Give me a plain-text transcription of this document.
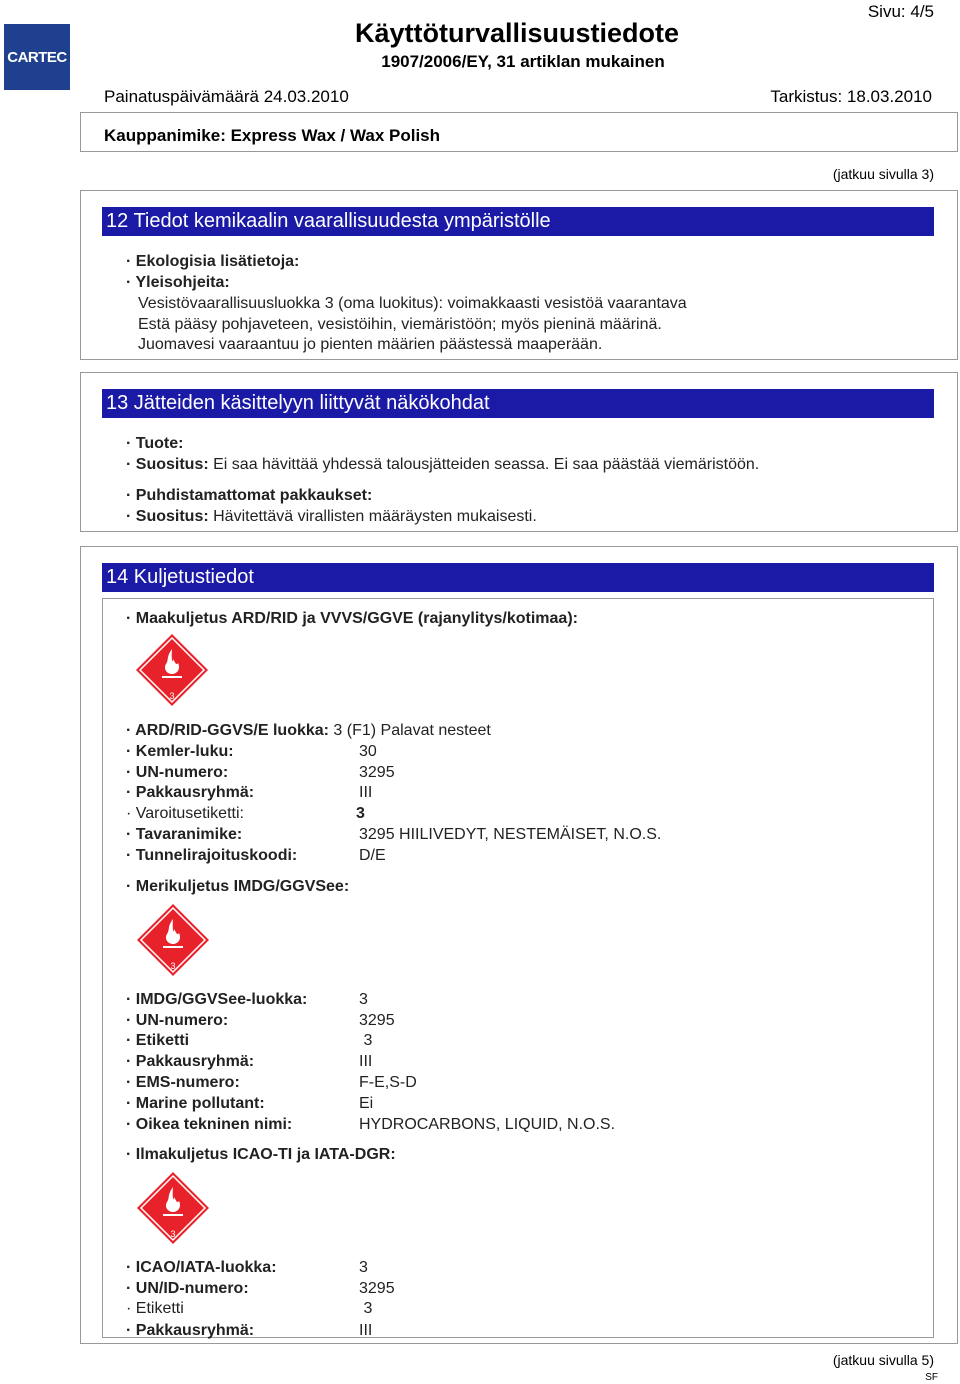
CARTEC
Käyttöturvallisuustiedote
1907/2006/EY, 31 artiklan mukainen
Sivu: 4/5
Painatuspäivämäärä 24.03.2010	Tarkistus: 18.03.2010
Kauppanimike: Express Wax / Wax Polish
(jatkuu sivulla 3)
12 Tiedot kemikaalin vaarallisuudesta ympäristölle
· Ekologisia lisätietoja:
· Yleisohjeita:
Vesistövaarallisuusluokka 3 (oma luokitus): voimakkaasti vesistöä vaarantava
Estä pääsy pohjaveteen, vesistöihin, viemäristöön; myös pieninä määrinä.
Juomavesi vaaraantuu jo pienten määrien päästessä maaperään.
13 Jätteiden käsittelyyn liittyvät näkökohdat
· Tuote:
· Suositus: Ei saa hävittää yhdessä talousjätteiden seassa. Ei saa päästää viemäristöön.
· Puhdistamattomat pakkaukset:
· Suositus: Hävitettävä virallisten määräysten mukaisesti.
14 Kuljetustiedot
· Maakuljetus ARD/RID ja VVVS/GGVE (rajanylitys/kotimaa):
3
· ARD/RID-GGVS/E luokka: 3 (F1) Palavat nesteet
· Kemler-luku:	30
· UN-numero:	3295
· Pakkausryhmä:	III
· Varoitusetiketti:	3
· Tavaranimike:	3295 HIILIVEDYT, NESTEMÄISET, N.O.S.
· Tunnelirajoituskoodi:	D/E
· Merikuljetus IMDG/GGVSee:
3
· IMDG/GGVSee-luokka:	3
· UN-numero:	3295
· Etiketti	3
· Pakkausryhmä:	III
· EMS-numero:	F-E,S-D
· Marine pollutant:	Ei
· Oikea tekninen nimi:	HYDROCARBONS, LIQUID, N.O.S.
· Ilmakuljetus ICAO-TI ja IATA-DGR:
3
· ICAO/IATA-luokka:	3
· UN/ID-numero:	3295
· Etiketti	3
· Pakkausryhmä:	III
(jatkuu sivulla 5)
SF
